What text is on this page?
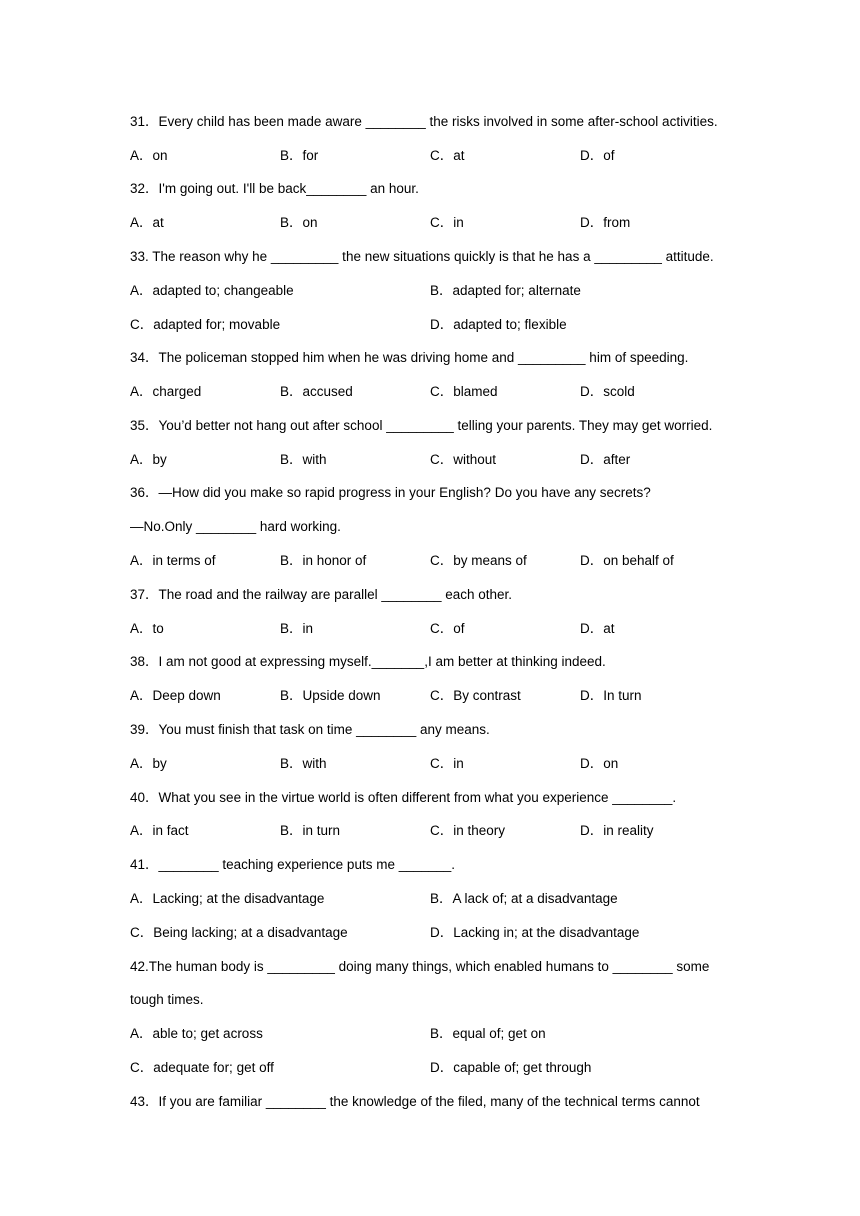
31．Every child has been made aware ________ the risks involved in some after-school activities.
A．on	B．for	C．at	D．of
32．I'm going out. I'll be back________ an hour.
A．at	B．on	C．in	D．from
33. The reason why he _________ the new situations quickly is that he has a _________ attitude.
A．adapted to; changeable	B．adapted for; alternate
C．adapted for; movable	D．adapted to; flexible
34．The policeman stopped him when he was driving home and _________ him of speeding.
A．charged	B．accused	C．blamed	D．scold
35．You’d better not hang out after school _________ telling your parents. They may get worried.
A．by	B．with	C．without	D．after
36．—How did you make so rapid progress in your English? Do you have any secrets?
—No.Only ________ hard working.
A．in terms of	B．in honor of	C．by means of	D．on behalf of
37．The road and the railway are parallel ________ each other.
A．to	B．in	C．of	D．at
38．I am not good at expressing myself._______,I am better at thinking indeed.
A．Deep down	B．Upside down	C．By contrast	D．In turn
39．You must finish that task on time ________ any means.
A．by	B．with	C．in	D．on
40．What you see in the virtue world is often different from what you experience ________.
A．in fact	B．in turn	C．in theory	D．in reality
41．________ teaching experience puts me _______.
A．Lacking; at the disadvantage	B．A lack of; at a disadvantage
C．Being lacking; at a disadvantage	D．Lacking in; at the disadvantage
42.The human body is _________ doing many things, which enabled humans to ________ some
tough times.
A．able to; get across	B．equal of; get on
C．adequate for; get off	D．capable of; get through
43．If you are familiar ________ the knowledge of the filed, many of the technical terms cannot
